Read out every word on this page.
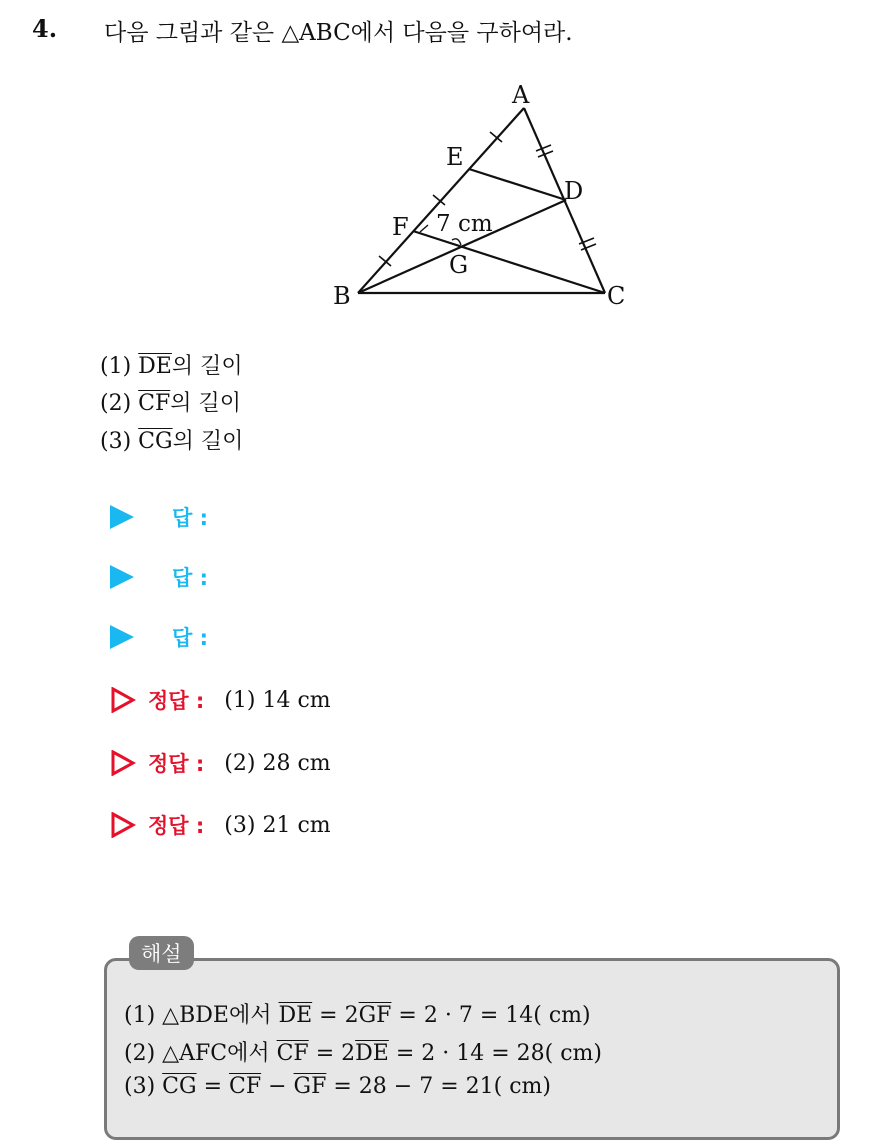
4. 다음 그림과 같은 △ABC에서 다음을 구하여라.
A
E
D
F
G
B	C
7 cm
(1) $\overline{DE}$의 길이
(2) $\overline{CF}$의 길이
(3) $\overline{CG}$의 길이
답 :
답 :
답 :
정답 : (1) 14 cm
정답 : (2) 28 cm
정답 : (3) 21 cm
해설
(1) △BDE에서 $\overline{DE} = 2\overline{GF} = 2 \cdot 7 = 14$( cm)
(2) △AFC에서 $\overline{CF} = 2\overline{DE} = 2 \cdot 14 = 28$( cm)
(3) $\overline{CG} = \overline{CF} - \overline{GF} = 28 - 7 = 21$( cm)
